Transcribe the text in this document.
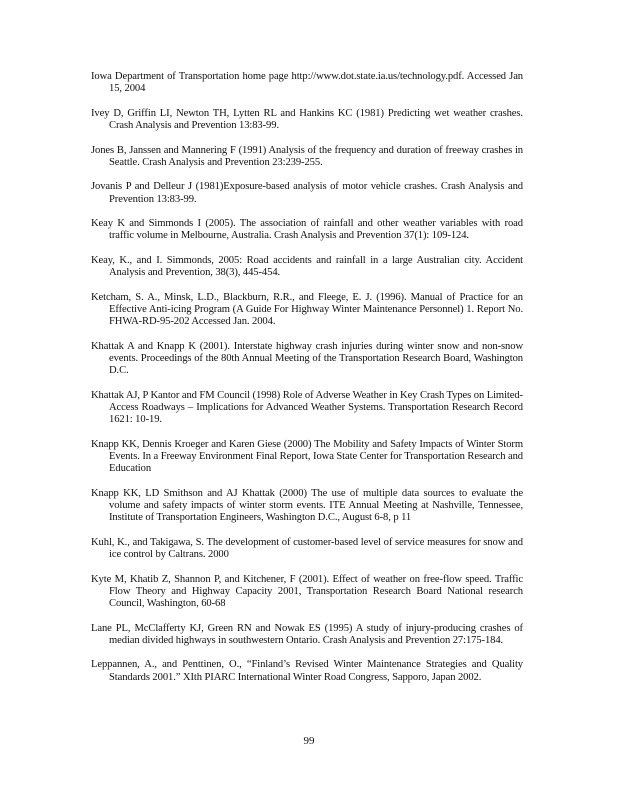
Iowa Department of Transportation home page http://www.dot.state.ia.us/technology.pdf. Accessed Jan 15, 2004

Ivey D, Griffin LI, Newton TH, Lytten RL and Hankins KC (1981) Predicting wet weather crashes. Crash Analysis and Prevention 13:83-99.

Jones B, Janssen and Mannering F (1991) Analysis of the frequency and duration of freeway crashes in Seattle. Crash Analysis and Prevention 23:239-255.

Jovanis P and Delleur J (1981)Exposure-based analysis of motor vehicle crashes. Crash Analysis and Prevention 13:83-99.

Keay K and Simmonds I (2005). The association of rainfall and other weather variables with road traffic volume in Melbourne, Australia. Crash Analysis and Prevention 37(1): 109-124.

Keay, K., and I. Simmonds, 2005: Road accidents and rainfall in a large Australian city. Accident Analysis and Prevention, 38(3), 445-454.

Ketcham, S. A., Minsk, L.D., Blackburn, R.R., and Fleege, E. J. (1996). Manual of Practice for an Effective Anti-icing Program (A Guide For Highway Winter Maintenance Personnel) 1. Report No. FHWA-RD-95-202 Accessed Jan. 2004.

Khattak A and Knapp K (2001). Interstate highway crash injuries during winter snow and non-snow events. Proceedings of the 80th Annual Meeting of the Transportation Research Board, Washington D.C.

Khattak AJ, P Kantor and FM Council (1998) Role of Adverse Weather in Key Crash Types on Limited-Access Roadways – Implications for Advanced Weather Systems. Transportation Research Record 1621: 10-19.

Knapp KK, Dennis Kroeger and Karen Giese (2000) The Mobility and Safety Impacts of Winter Storm Events. In a Freeway Environment Final Report, Iowa State Center for Transportation Research and Education

Knapp KK, LD Smithson and AJ Khattak (2000) The use of multiple data sources to evaluate the volume and safety impacts of winter storm events. ITE Annual Meeting at Nashville, Tennessee, Institute of Transportation Engineers, Washington D.C., August 6-8, p 11

Kuhl, K., and Takigawa, S. The development of customer-based level of service measures for snow and ice control by Caltrans. 2000

Kyte M, Khatib Z, Shannon P, and Kitchener, F (2001). Effect of weather on free-flow speed. Traffic Flow Theory and Highway Capacity 2001, Transportation Research Board National research Council, Washington, 60-68

Lane PL, McClafferty KJ, Green RN and Nowak ES (1995) A study of injury-producing crashes of median divided highways in southwestern Ontario. Crash Analysis and Prevention 27:175-184.

Leppannen, A., and Penttinen, O., “Finland’s Revised Winter Maintenance Strategies and Quality Standards 2001.” XIth PIARC International Winter Road Congress, Sapporo, Japan 2002.

99
